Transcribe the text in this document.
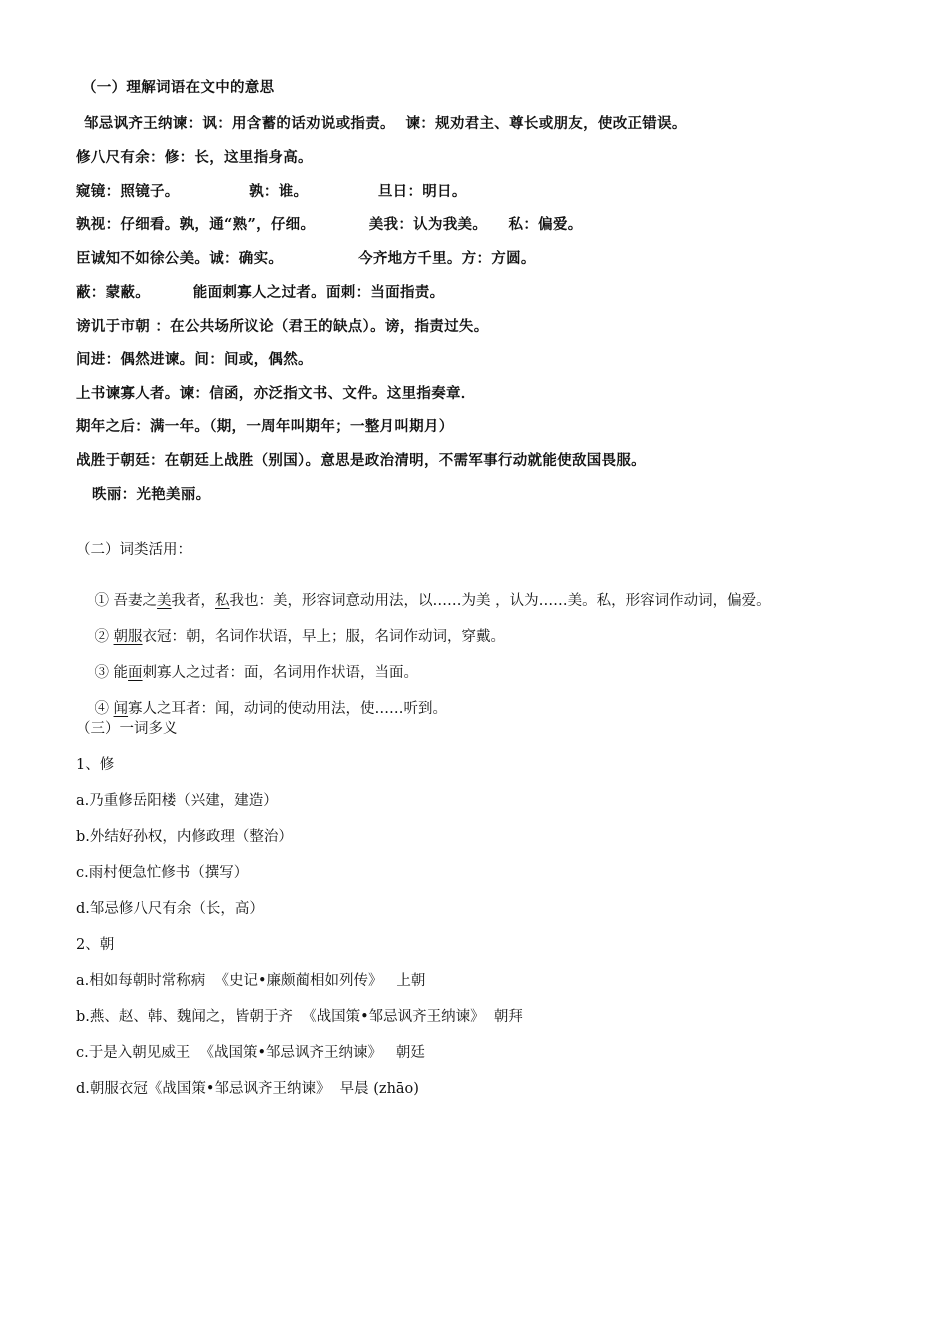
（一）理解词语在文中的意思
邹忌讽齐王纳谏：讽：用含蓄的话劝说或指责。  谏：规劝君主、尊长或朋友，使改正错误。
修八尺有余：修：长，这里指身高。
窥镜：照镜子。             孰：谁。             旦日：明日。
孰视：仔细看。孰，通“熟”，仔细。          美我：认为我美。    私：偏爱。
臣诚知不如徐公美。诚：确实。              今齐地方千里。方：方圆。
蔽：蒙蔽。        能面刺寡人之过者。面刺：当面指责。
谤讥于市朝 ：在公共场所议论（君王的缺点）。谤，指责过失。
间进：偶然进谏。间：间或，偶然。
上书谏寡人者。谏：信函，亦泛指文书、文件。这里指奏章．
期年之后：满一年。（期，一周年叫期年；一整月叫期月）
战胜于朝廷：在朝廷上战胜（别国）。意思是政治清明，不需军事行动就能使敌国畏服。
昳丽：光艳美丽。
（二）词类活用：

① 吾妻之美我者，私我也：美，形容词意动用法，以……为美 ，认为……美。私，形容词作动词，偏爱。

② 朝服衣冠：朝，名词作状语，早上；服，名词作动词，穿戴。

③ 能面刺寡人之过者：面，名词用作状语，当面。

④ 闻寡人之耳者：闻，动词的使动用法，使……听到。

（三）一词多义
1、修
a.乃重修岳阳楼（兴建，建造）
b.外结好孙权，内修政理（整治）
c.雨村便急忙修书（撰写）
d.邹忌修八尺有余（长，高）
2、朝
a.相如每朝时常称病  《史记•廉颇蔺相如列传》   上朝
b.燕、赵、韩、魏闻之，皆朝于齐  《战国策•邹忌讽齐王纳谏》  朝拜
c.于是入朝见威王  《战国策•邹忌讽齐王纳谏》   朝廷
d.朝服衣冠《战国策•邹忌讽齐王纳谏》  早晨 (zhāo)
